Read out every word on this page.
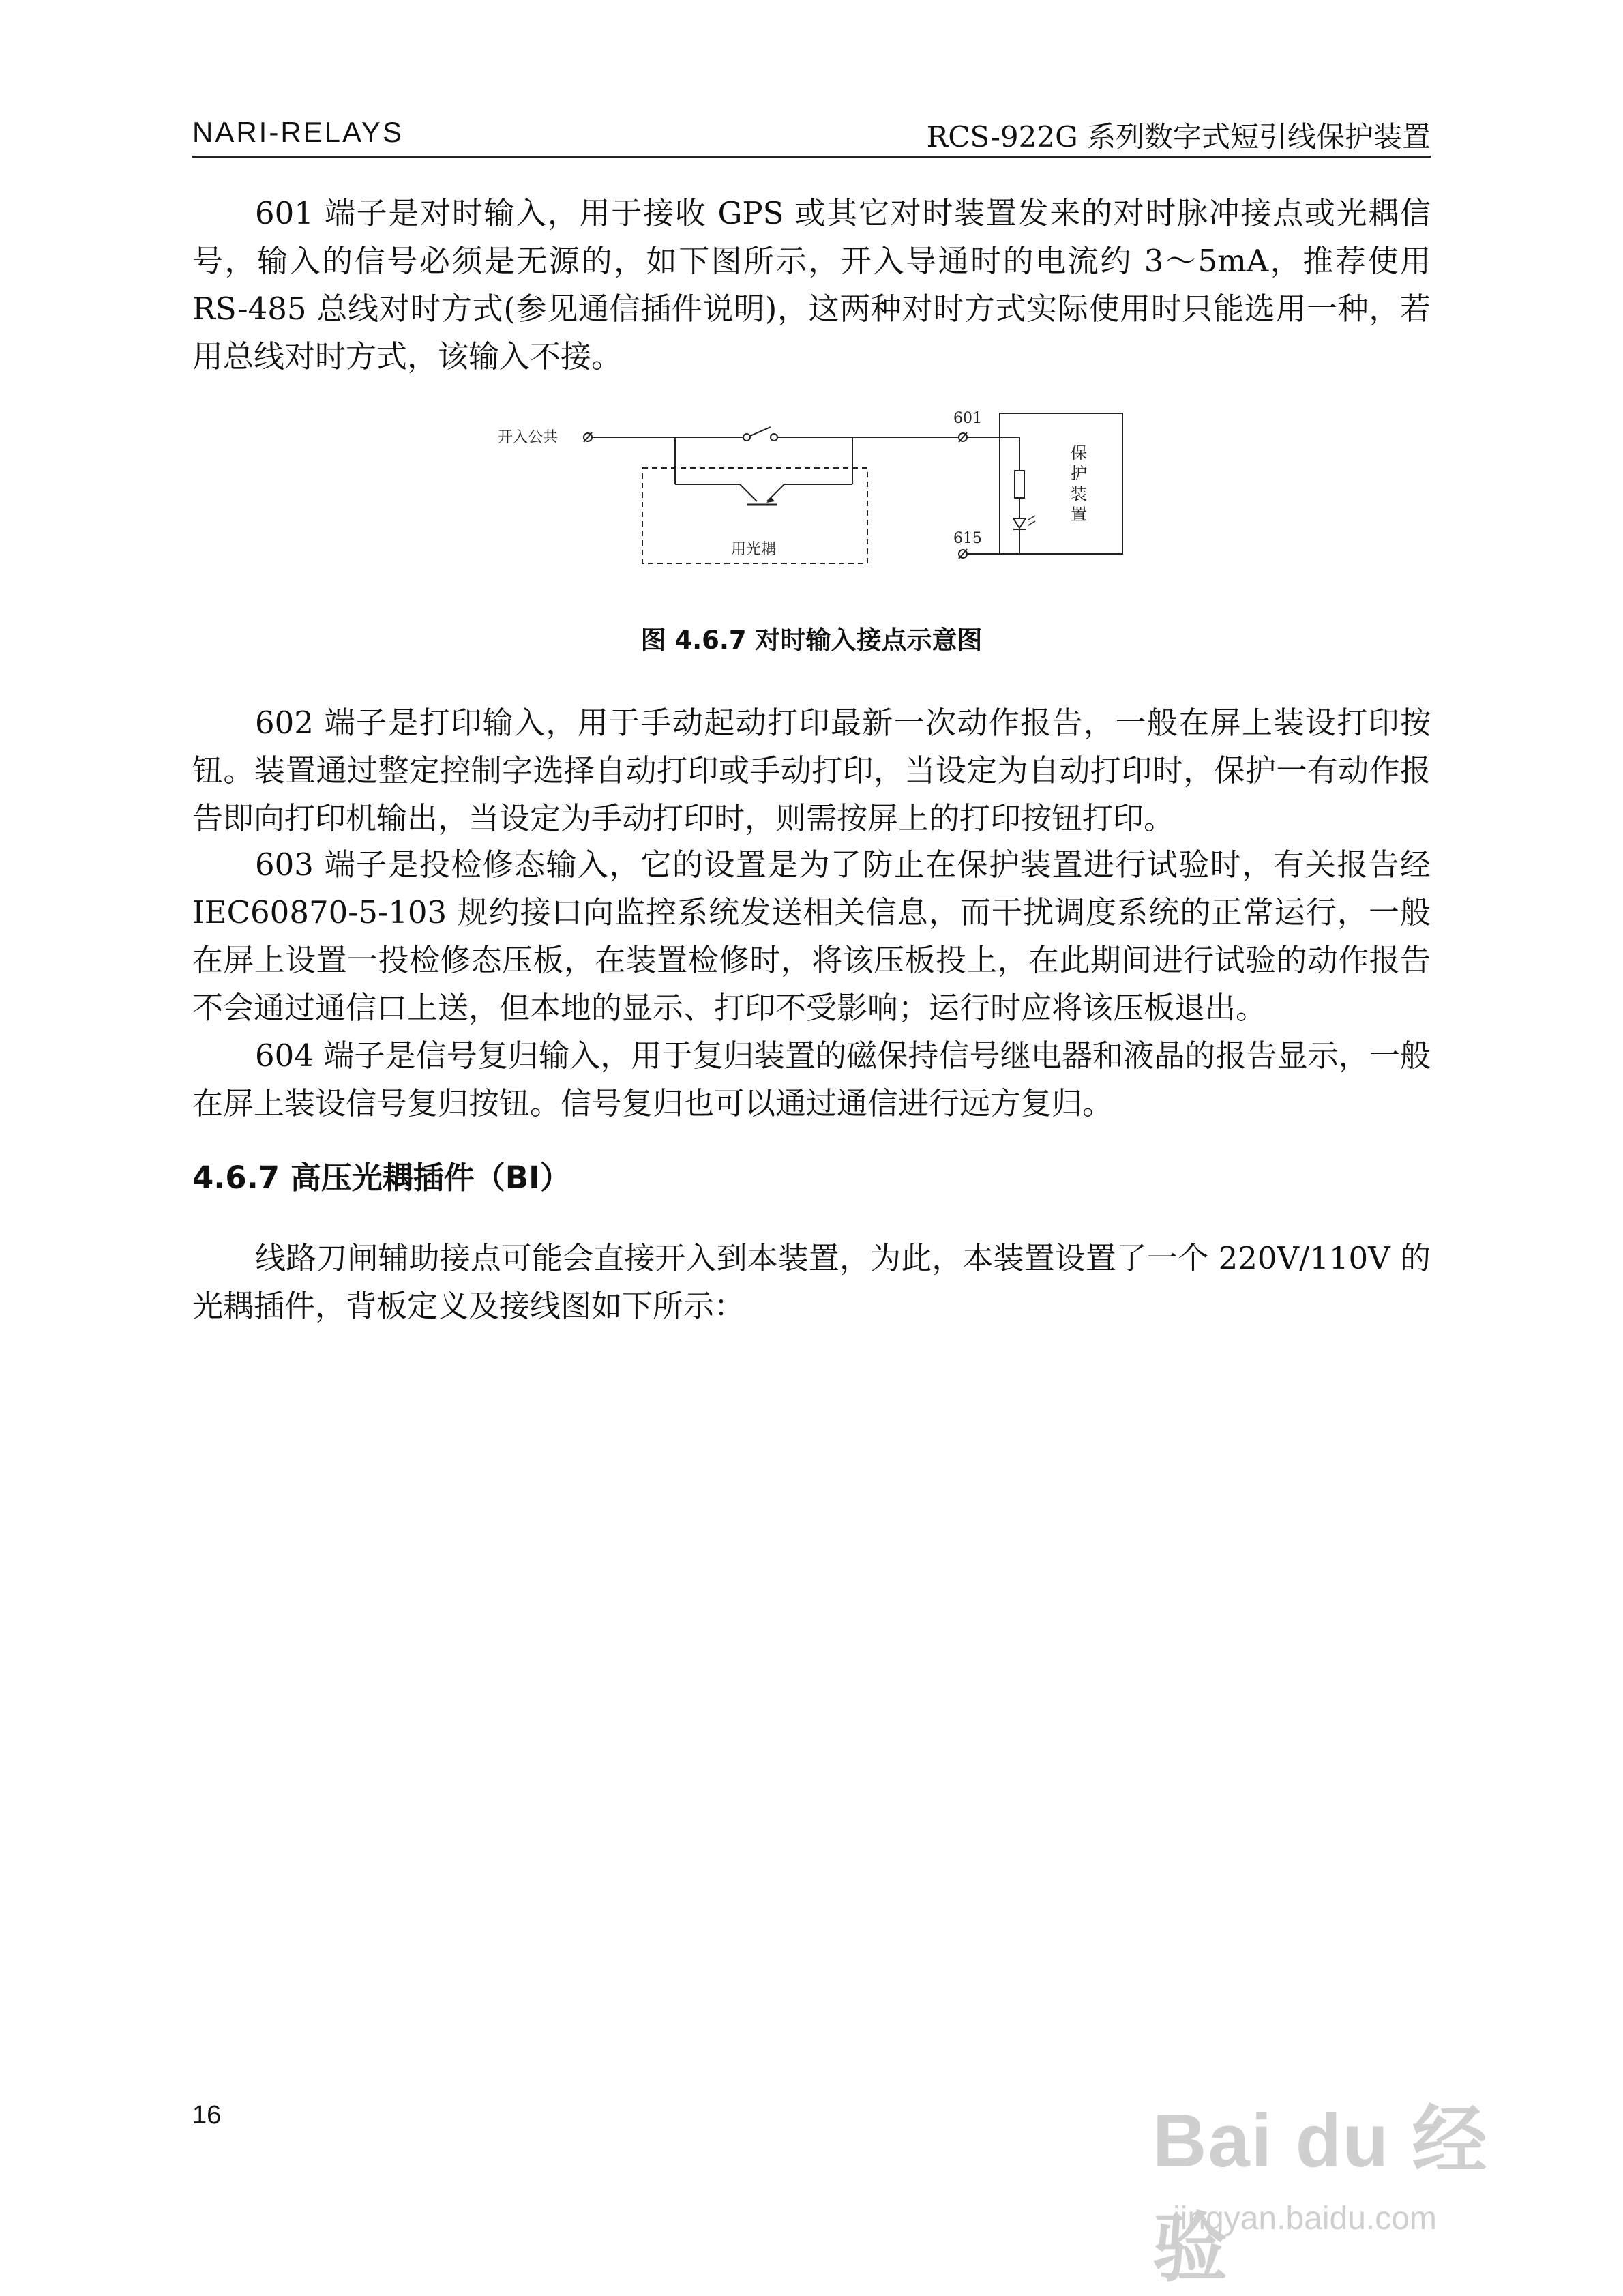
NARI-RELAYS	RCS-922G 系列数字式短引线保护装置

601 端子是对时输入，用于接收 GPS 或其它对时装置发来的对时脉冲接点或光耦信号，输入的信号必须是无源的，如下图所示，开入导通时的电流约 3～5mA，推荐使用 RS-485 总线对时方式(参见通信插件说明)，这两种对时方式实际使用时只能选用一种，若用总线对时方式，该输入不接。

开入公共
601
用光耦
保
护
装
置
615
图 4.6.7 对时输入接点示意图

602 端子是打印输入，用于手动起动打印最新一次动作报告，一般在屏上装设打印按钮。装置通过整定控制字选择自动打印或手动打印，当设定为自动打印时，保护一有动作报告即向打印机输出，当设定为手动打印时，则需按屏上的打印按钮打印。

603 端子是投检修态输入，它的设置是为了防止在保护装置进行试验时，有关报告经 IEC60870-5-103 规约接口向监控系统发送相关信息，而干扰调度系统的正常运行，一般在屏上设置一投检修态压板，在装置检修时，将该压板投上，在此期间进行试验的动作报告不会通过通信口上送，但本地的显示、打印不受影响；运行时应将该压板退出。

604 端子是信号复归输入，用于复归装置的磁保持信号继电器和液晶的报告显示，一般在屏上装设信号复归按钮。信号复归也可以通过通信进行远方复归。

4.6.7 高压光耦插件（BI）

线路刀闸辅助接点可能会直接开入到本装置，为此，本装置设置了一个 220V/110V 的光耦插件，背板定义及接线图如下所示：

16	Bai du 经验
jingyan.baidu.com
